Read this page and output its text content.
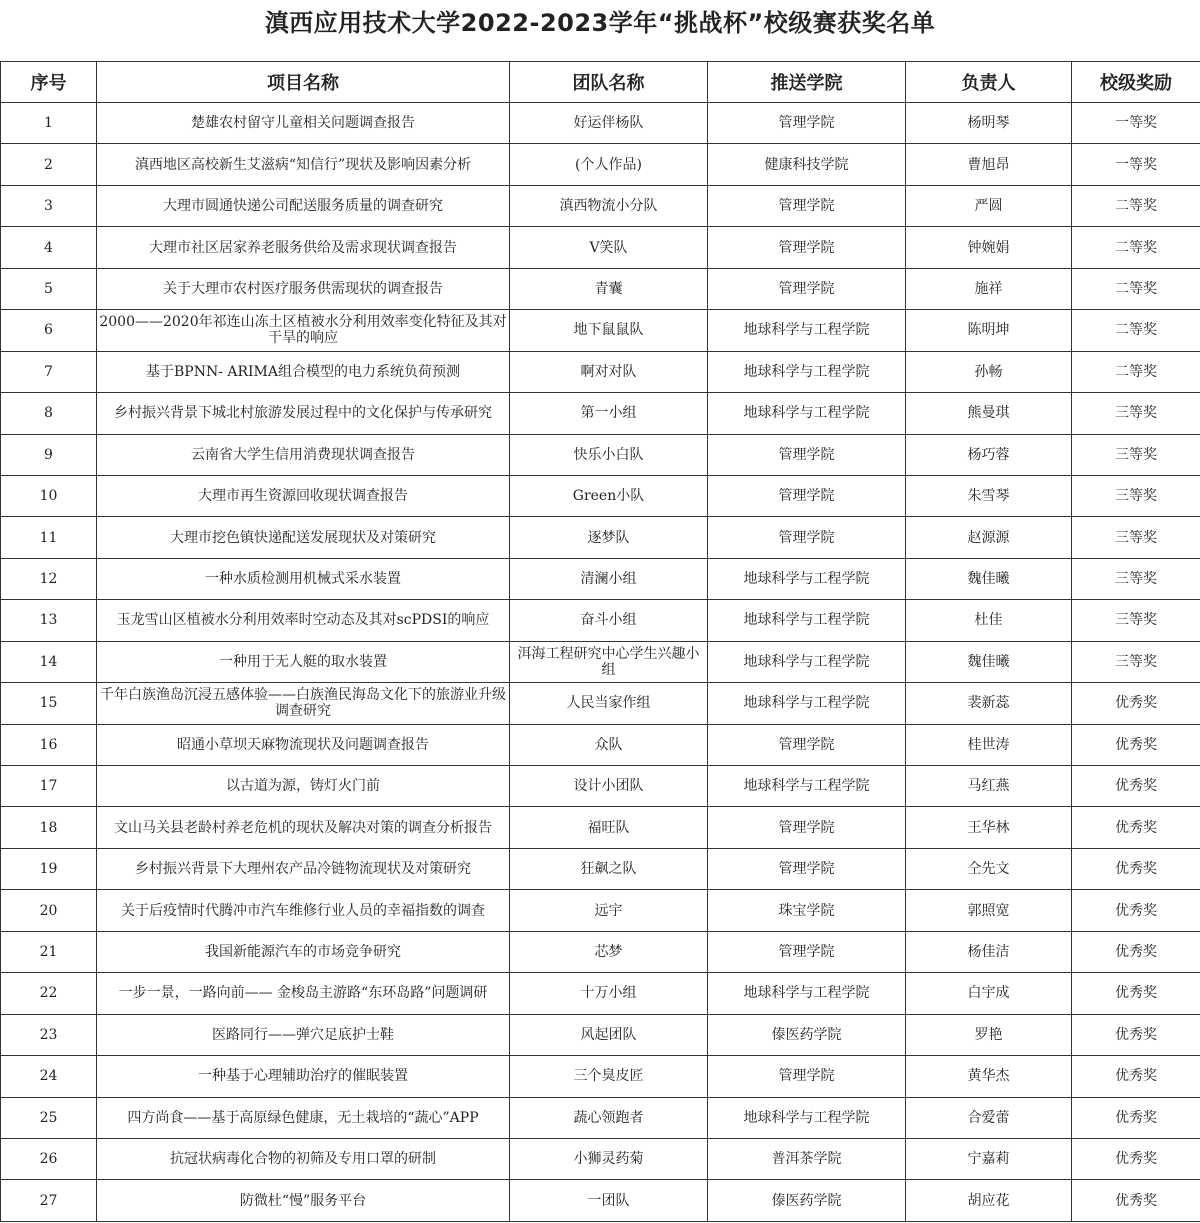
滇西应用技术大学2022-2023学年“挑战杯”校级赛获奖名单
序号	项目名称	团队名称	推送学院	负责人	校级奖励
1	楚雄农村留守儿童相关问题调查报告	好运伴杨队	管理学院	杨明琴	一等奖
2	滇西地区高校新生艾滋病“知信行”现状及影响因素分析	(个人作品)	健康科技学院	曹旭昂	一等奖
3	大理市圆通快递公司配送服务质量的调查研究	滇西物流小分队	管理学院	严圆	二等奖
4	大理市社区居家养老服务供给及需求现状调查报告	V笑队	管理学院	钟婉娟	二等奖
5	关于大理市农村医疗服务供需现状的调查报告	青囊	管理学院	施祥	二等奖
6	2000——2020年祁连山冻土区植被水分利用效率变化特征及其对干旱的响应	地下鼠鼠队	地球科学与工程学院	陈明坤	二等奖
7	基于BPNN- ARIMA组合模型的电力系统负荷预测	啊对对队	地球科学与工程学院	孙畅	二等奖
8	乡村振兴背景下城北村旅游发展过程中的文化保护与传承研究	第一小组	地球科学与工程学院	熊曼琪	三等奖
9	云南省大学生信用消费现状调查报告	快乐小白队	管理学院	杨巧蓉	三等奖
10	大理市再生资源回收现状调查报告	Green小队	管理学院	朱雪琴	三等奖
11	大理市挖色镇快递配送发展现状及对策研究	逐梦队	管理学院	赵源源	三等奖
12	一种水质检测用机械式采水装置	清澜小组	地球科学与工程学院	魏佳曦	三等奖
13	玉龙雪山区植被水分利用效率时空动态及其对scPDSI的响应	奋斗小组	地球科学与工程学院	杜佳	三等奖
14	一种用于无人艇的取水装置	洱海工程研究中心学生兴趣小组	地球科学与工程学院	魏佳曦	三等奖
15	千年白族渔岛沉浸五感体验——白族渔民海岛文化下的旅游业升级调查研究	人民当家作组	地球科学与工程学院	裴新蕊	优秀奖
16	昭通小草坝天麻物流现状及问题调查报告	众队	管理学院	桂世涛	优秀奖
17	以古道为源，铸灯火门前	设计小团队	地球科学与工程学院	马红燕	优秀奖
18	文山马关县老龄村养老危机的现状及解决对策的调查分析报告	福旺队	管理学院	王华林	优秀奖
19	乡村振兴背景下大理州农产品冷链物流现状及对策研究	狂飙之队	管理学院	仝先文	优秀奖
20	关于后疫情时代腾冲市汽车维修行业人员的幸福指数的调查	远宇	珠宝学院	郭照宽	优秀奖
21	我国新能源汽车的市场竞争研究	芯梦	管理学院	杨佳洁	优秀奖
22	一步一景，一路向前—— 金梭岛主游路“东环岛路”问题调研	十万小组	地球科学与工程学院	白宇成	优秀奖
23	医路同行——弹穴足底护士鞋	风起团队	傣医药学院	罗艳	优秀奖
24	一种基于心理辅助治疗的催眠装置	三个臭皮匠	管理学院	黄华杰	优秀奖
25	四方尚食——基于高原绿色健康，无土栽培的“蔬心”APP	蔬心领跑者	地球科学与工程学院	合爱蕾	优秀奖
26	抗冠状病毒化合物的初筛及专用口罩的研制	小狮灵药菊	普洱茶学院	宁嘉莉	优秀奖
27	防微杜“慢”服务平台	一团队	傣医药学院	胡应花	优秀奖
